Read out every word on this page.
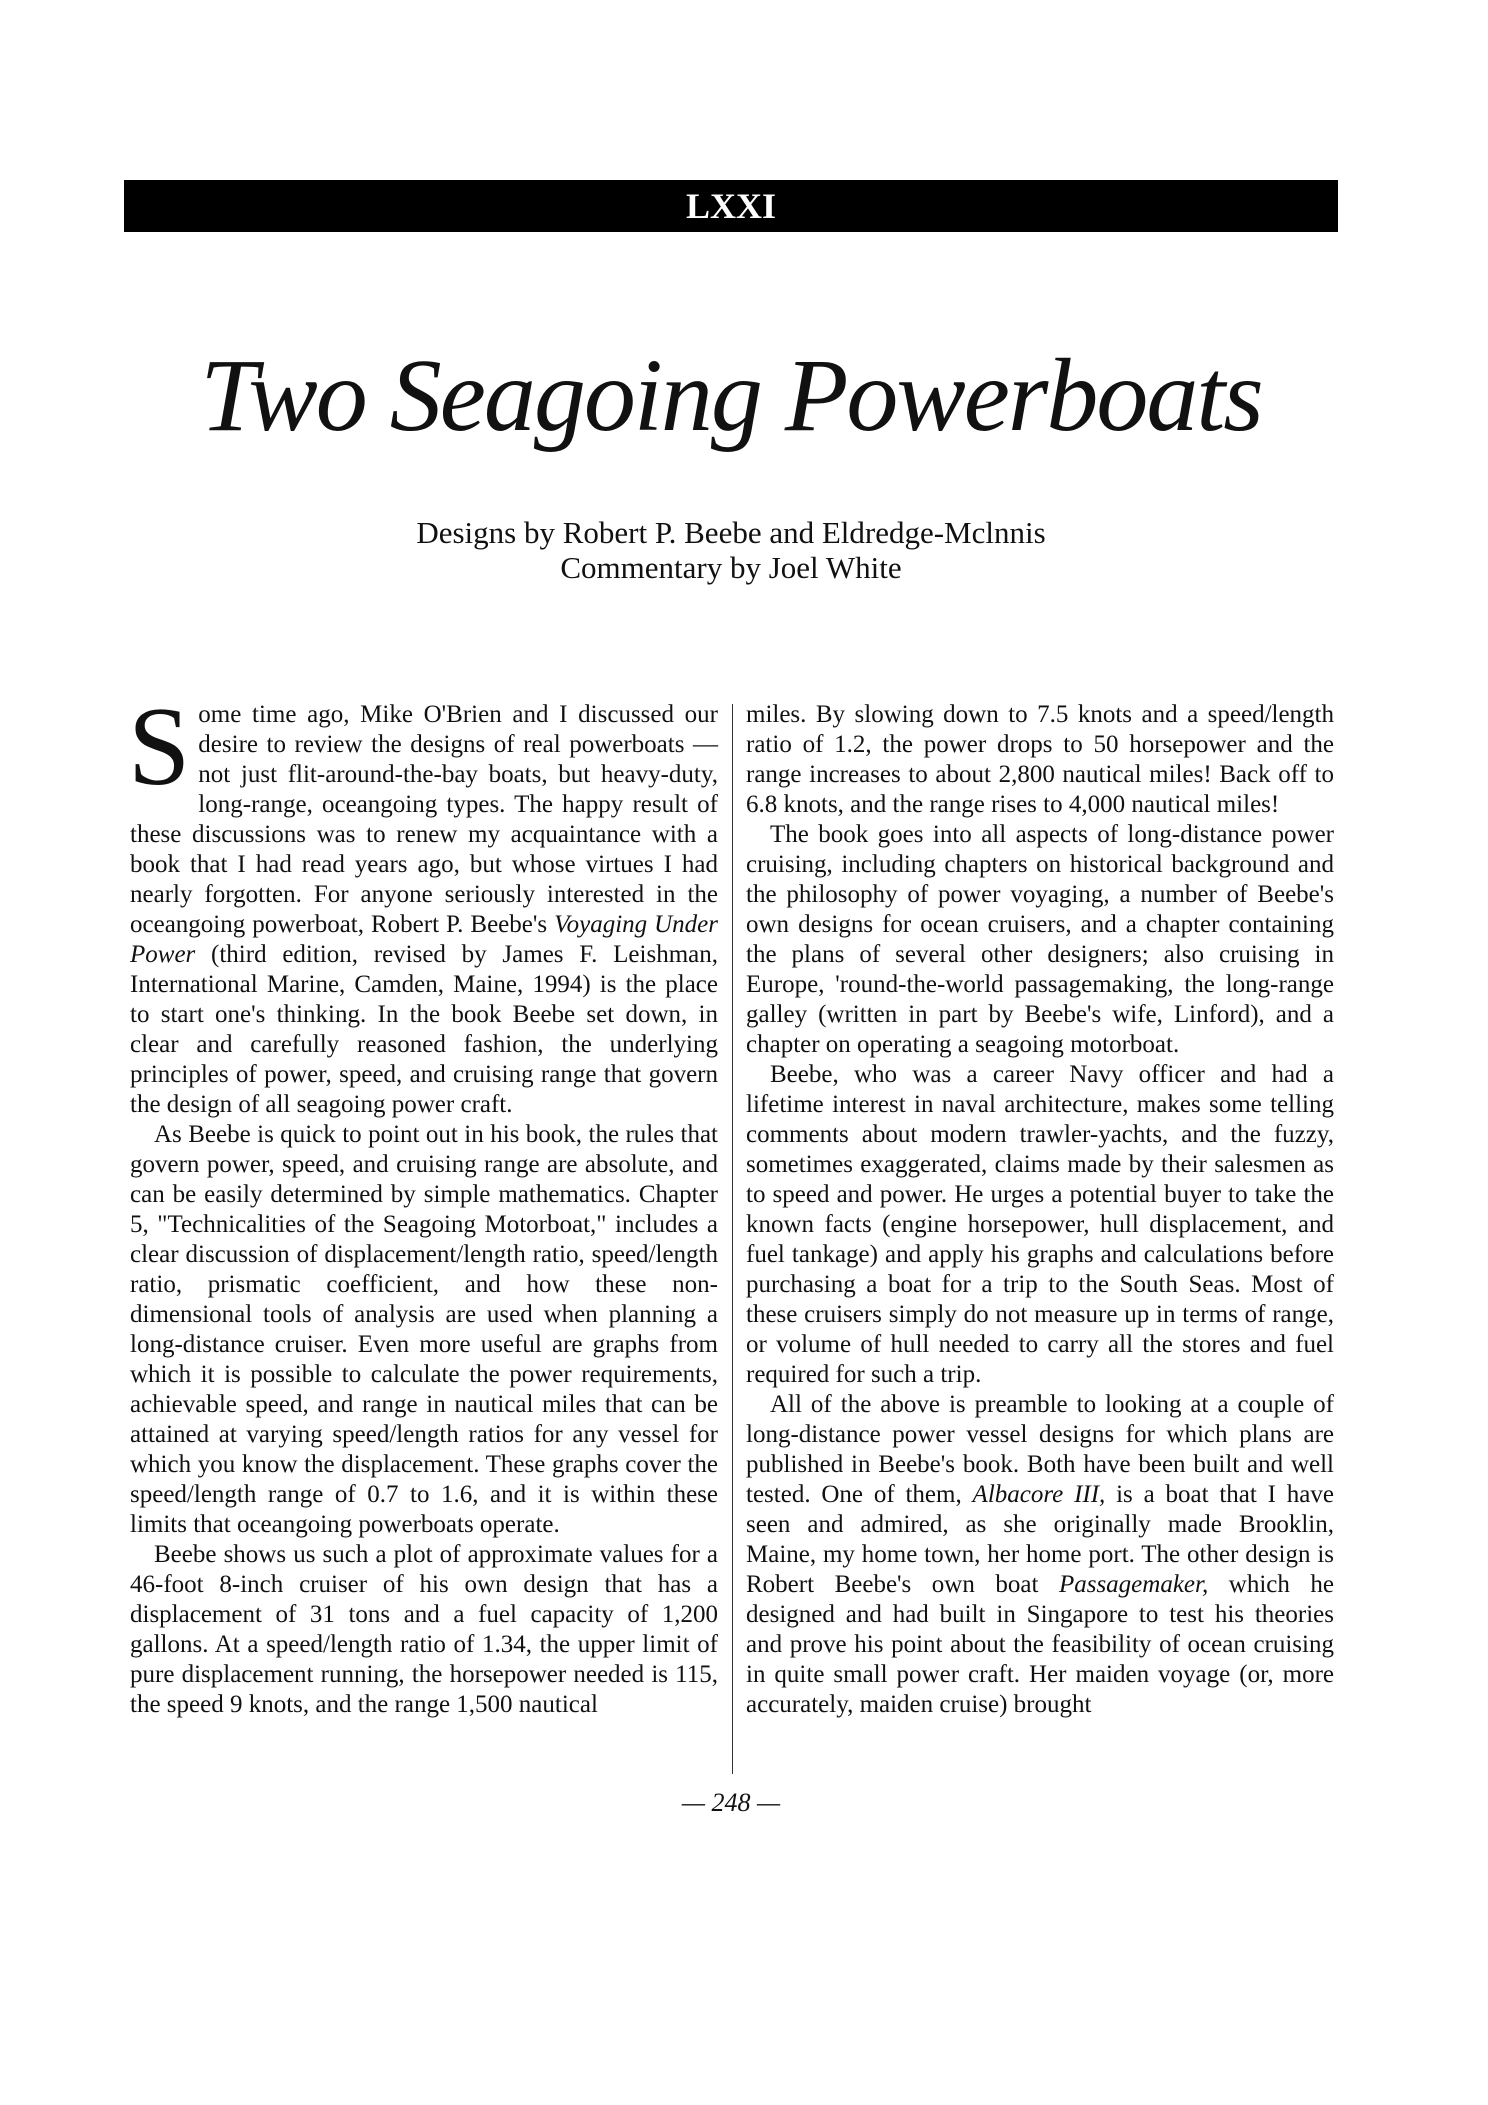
LXXI
Two Seagoing Powerboats
Designs by Robert P. Beebe and Eldredge-Mclnnis
Commentary by Joel White

Some time ago, Mike O'Brien and I discussed our desire to review the designs of real powerboats — not just flit-around-the-bay boats, but heavy-duty, long-range, oceangoing types. The happy result of these discussions was to renew my acquaintance with a book that I had read years ago, but whose virtues I had nearly forgotten. For anyone seriously interested in the oceangoing powerboat, Robert P. Beebe's Voyaging Under Power (third edition, revised by James F. Leishman, International Marine, Camden, Maine, 1994) is the place to start one's thinking. In the book Beebe set down, in clear and carefully reasoned fashion, the underlying principles of power, speed, and cruising range that govern the design of all seagoing power craft.

As Beebe is quick to point out in his book, the rules that govern power, speed, and cruising range are absolute, and can be easily determined by simple mathematics. Chapter 5, "Technicalities of the Seagoing Motorboat," includes a clear discussion of displacement/length ratio, speed/length ratio, prismatic coefficient, and how these non-dimensional tools of analysis are used when planning a long-distance cruiser. Even more useful are graphs from which it is possible to calculate the power requirements, achievable speed, and range in nautical miles that can be attained at varying speed/length ratios for any vessel for which you know the displacement. These graphs cover the speed/length range of 0.7 to 1.6, and it is within these limits that oceangoing powerboats operate.

Beebe shows us such a plot of approximate values for a 46-foot 8-inch cruiser of his own design that has a displacement of 31 tons and a fuel capacity of 1,200 gallons. At a speed/length ratio of 1.34, the upper limit of pure displacement running, the horsepower needed is 115, the speed 9 knots, and the range 1,500 nautical

miles. By slowing down to 7.5 knots and a speed/length ratio of 1.2, the power drops to 50 horsepower and the range increases to about 2,800 nautical miles! Back off to 6.8 knots, and the range rises to 4,000 nautical miles!

The book goes into all aspects of long-distance power cruising, including chapters on historical background and the philosophy of power voyaging, a number of Beebe's own designs for ocean cruisers, and a chapter containing the plans of several other designers; also cruising in Europe, 'round-the-world passagemaking, the long-range galley (written in part by Beebe's wife, Linford), and a chapter on operating a seagoing motorboat.

Beebe, who was a career Navy officer and had a lifetime interest in naval architecture, makes some telling comments about modern trawler-yachts, and the fuzzy, sometimes exaggerated, claims made by their salesmen as to speed and power. He urges a potential buyer to take the known facts (engine horsepower, hull displacement, and fuel tankage) and apply his graphs and calculations before purchasing a boat for a trip to the South Seas. Most of these cruisers simply do not measure up in terms of range, or volume of hull needed to carry all the stores and fuel required for such a trip.

All of the above is preamble to looking at a couple of long-distance power vessel designs for which plans are published in Beebe's book. Both have been built and well tested. One of them, Albacore III, is a boat that I have seen and admired, as she originally made Brooklin, Maine, my home town, her home port. The other design is Robert Beebe's own boat Passagemaker, which he designed and had built in Singapore to test his theories and prove his point about the feasibility of ocean cruising in quite small power craft. Her maiden voyage (or, more accurately, maiden cruise) brought

— 248 —
